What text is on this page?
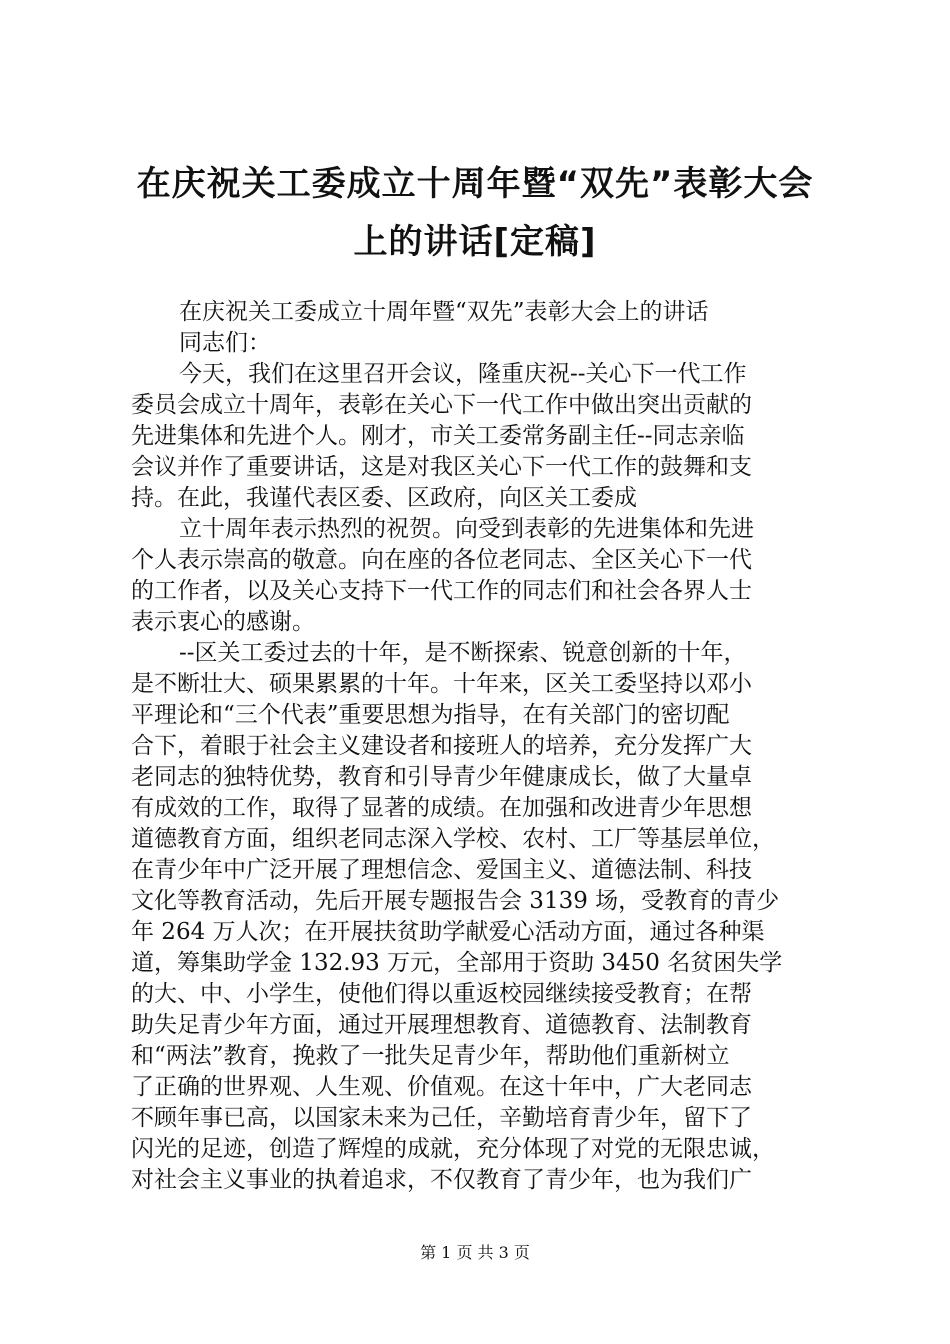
在庆祝关工委成立十周年暨“双先”表彰大会
上的讲话[定稿]
在庆祝关工委成立十周年暨“双先”表彰大会上的讲话
同志们：
今天，我们在这里召开会议，隆重庆祝--关心下一代工作
委员会成立十周年，表彰在关心下一代工作中做出突出贡献的
先进集体和先进个人。刚才，市关工委常务副主任--同志亲临
会议并作了重要讲话，这是对我区关心下一代工作的鼓舞和支
持。在此，我谨代表区委、区政府，向区关工委成
立十周年表示热烈的祝贺。向受到表彰的先进集体和先进
个人表示崇高的敬意。向在座的各位老同志、全区关心下一代
的工作者，以及关心支持下一代工作的同志们和社会各界人士
表示衷心的感谢。
--区关工委过去的十年，是不断探索、锐意创新的十年，
是不断壮大、硕果累累的十年。十年来，区关工委坚持以邓小
平理论和“三个代表”重要思想为指导，在有关部门的密切配
合下，着眼于社会主义建设者和接班人的培养，充分发挥广大
老同志的独特优势，教育和引导青少年健康成长，做了大量卓
有成效的工作，取得了显著的成绩。在加强和改进青少年思想
道德教育方面，组织老同志深入学校、农村、工厂等基层单位，
在青少年中广泛开展了理想信念、爱国主义、道德法制、科技
文化等教育活动，先后开展专题报告会 3139 场，受教育的青少
年 264 万人次；在开展扶贫助学献爱心活动方面，通过各种渠
道，筹集助学金 132.93 万元，全部用于资助 3450 名贫困失学
的大、中、小学生，使他们得以重返校园继续接受教育；在帮
助失足青少年方面，通过开展理想教育、道德教育、法制教育
和“两法”教育，挽救了一批失足青少年，帮助他们重新树立
了正确的世界观、人生观、价值观。在这十年中，广大老同志
不顾年事已高，以国家未来为己任，辛勤培育青少年，留下了
闪光的足迹，创造了辉煌的成就，充分体现了对党的无限忠诚，
对社会主义事业的执着追求，不仅教育了青少年，也为我们广
第 1 页 共 3 页
